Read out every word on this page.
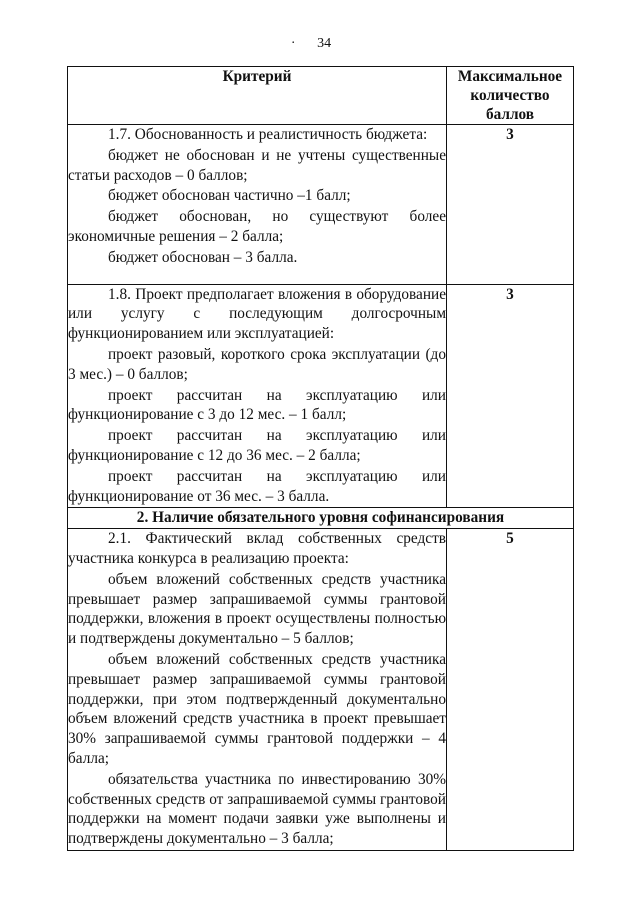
· 34
Критерий	Максимальное количество баллов

1.7. Обоснованность и реалистичность бюджета:

бюджет не обоснован и не учтены существенные статьи расходов – 0 баллов;

бюджет обоснован частично –1 балл;

бюджет обоснован, но существуют более экономичные решения – 2 балла;

бюджет обоснован – 3 балла.	3

1.8. Проект предполагает вложения в оборудование или услугу с последующим долгосрочным функционированием или эксплуатацией:

проект разовый, короткого срока эксплуатации (до 3 мес.) – 0 баллов;

проект рассчитан на эксплуатацию или функционирование с 3 до 12 мес. – 1 балл;

проект рассчитан на эксплуатацию или функционирование с 12 до 36 мес. – 2 балла;

проект рассчитан на эксплуатацию или функционирование от 36 мес. – 3 балла.	3
2. Наличие обязательного уровня софинансирования	

2.1. Фактический вклад собственных средств участника конкурса в реализацию проекта:

объем вложений собственных средств участника превышает размер запрашиваемой суммы грантовой поддержки, вложения в проект осуществлены полностью и подтверждены документально – 5 баллов;

объем вложений собственных средств участника превышает размер запрашиваемой суммы грантовой поддержки, при этом подтвержденный документально объем вложений средств участника в проект превышает 30% запрашиваемой суммы грантовой поддержки – 4 балла;

обязательства участника по инвестированию 30% собственных средств от запрашиваемой суммы грантовой поддержки на момент подачи заявки уже выполнены и подтверждены документально – 3 балла;	5
